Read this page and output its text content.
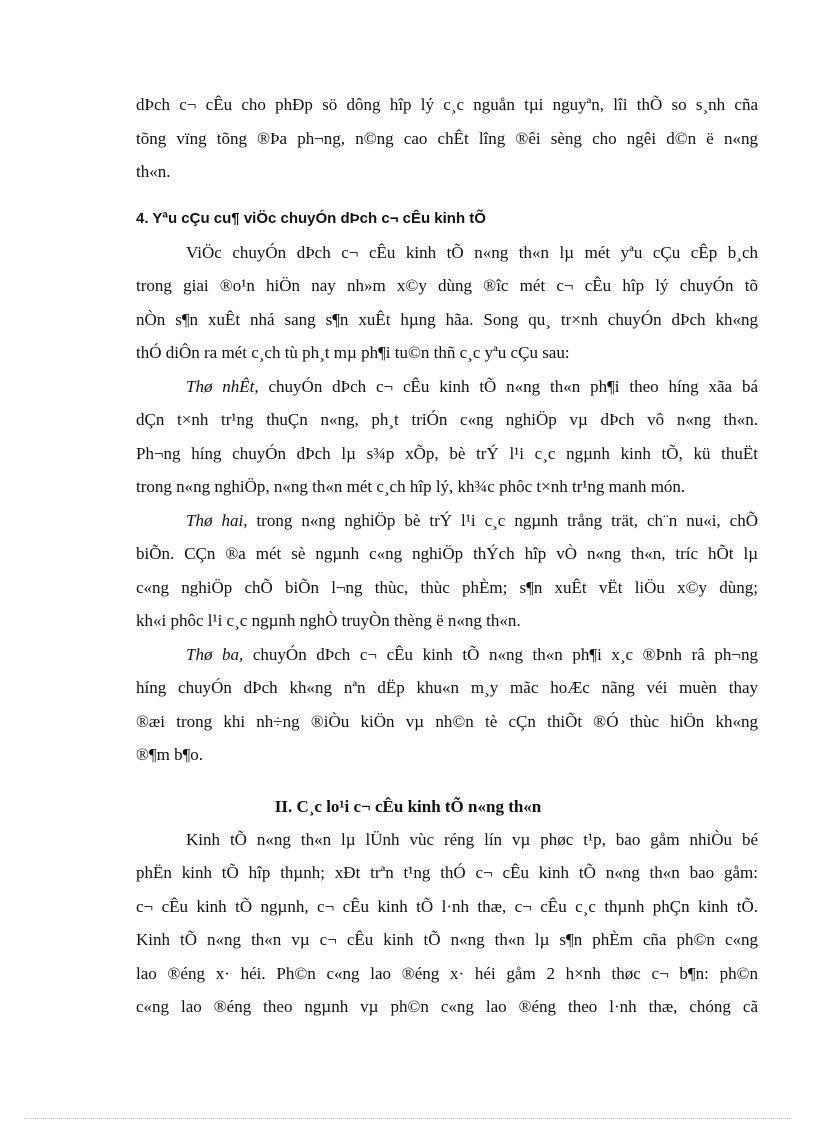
dÞch c¬ cÊu cho phÐp sö dông hîp lý c¸c nguån tµi nguyªn, lîi thÕ so s¸nh cña
tõng vïng tõng ®Þa ph¬ng, n©ng cao chÊt lîng ®êi sèng cho ngêi d©n ë n«ng
th«n.
4. Yªu cÇu cu¶ viÖc chuyÓn dÞch c¬ cÊu kinh tÕ
ViÖc chuyÓn dÞch c¬ cÊu kinh tÕ n«ng th«n lµ mét yªu cÇu cÊp b¸ch
trong giai ®o¹n hiÖn nay nh»m x©y dùng ®îc mét c¬ cÊu hîp lý chuyÓn tõ
nÒn s¶n xuÊt nhá sang s¶n xuÊt hµng hãa. Song qu¸ tr×nh chuyÓn dÞch kh«ng
thÓ diÔn ra mét c¸ch tù ph¸t mµ ph¶i tu©n thñ c¸c yªu cÇu sau:
Thø nhÊt, chuyÓn dÞch c¬ cÊu kinh tÕ n«ng th«n ph¶i theo híng xãa bá
dÇn t×nh tr¹ng thuÇn n«ng, ph¸t triÓn c«ng nghiÖp vµ dÞch vô n«ng th«n.
Ph¬ng híng chuyÓn dÞch lµ s¾p xÕp, bè trÝ l¹i c¸c ngµnh kinh tÕ, kü thuËt
trong n«ng nghiÖp, n«ng th«n mét c¸ch hîp lý, kh¾c phôc t×nh tr¹ng manh món.
Thø hai, trong n«ng nghiÖp bè trÝ l¹i c¸c ngµnh trång trät, ch¨n nu«i, chÕ
biÕn. CÇn ®a mét sè ngµnh c«ng nghiÖp thÝch hîp vÒ n«ng th«n, tríc hÕt lµ
c«ng nghiÖp chÕ biÕn l¬ng thùc, thùc phÈm; s¶n xuÊt vËt liÖu x©y dùng;
kh«i phôc l¹i c¸c ngµnh nghÒ truyÒn thèng ë n«ng th«n.
Thø ba, chuyÓn dÞch c¬ cÊu kinh tÕ n«ng th«n ph¶i x¸c ®Þnh râ ph¬ng
híng chuyÓn dÞch kh«ng nªn dËp khu«n m¸y mãc hoÆc nãng véi muèn thay
®æi trong khi nh÷ng ®iÒu kiÖn vµ nh©n tè cÇn thiÕt ®Ó thùc hiÖn kh«ng
®¶m b¶o.
II. C¸c lo¹i c¬ cÊu kinh tÕ n«ng th«n
Kinh tÕ n«ng th«n lµ lÜnh vùc réng lín vµ phøc t¹p, bao gåm nhiÒu bé
phËn kinh tÕ hîp thµnh; xÐt trªn t¹ng thÓ c¬ cÊu kinh tÕ n«ng th«n bao gåm:
c¬ cÊu kinh tÕ ngµnh, c¬ cÊu kinh tÕ l·nh thæ, c¬ cÊu c¸c thµnh phÇn kinh tÕ.
Kinh tÕ n«ng th«n vµ c¬ cÊu kinh tÕ n«ng th«n lµ s¶n phÈm cña ph©n c«ng
lao ®éng x· héi. Ph©n c«ng lao ®éng x· héi gåm 2 h×nh thøc c¬ b¶n: ph©n
c«ng lao ®éng theo ngµnh vµ ph©n c«ng lao ®éng theo l·nh thæ, chóng cã
